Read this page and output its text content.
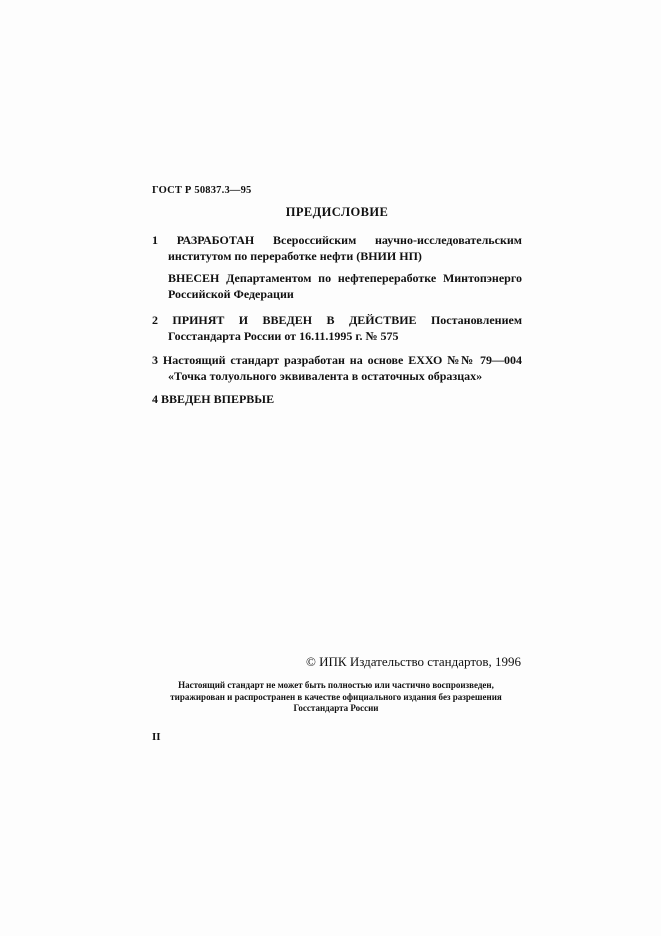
ГОСТ Р 50837.3—95
ПРЕДИСЛОВИЕ

1 РАЗРАБОТАН Всероссийским научно-исследовательским институтом по переработке нефти (ВНИИ НП)

ВНЕСЕН Департаментом по нефтепереработке Минтопэнерго Российской Федерации

2 ПРИНЯТ И ВВЕДЕН В ДЕЙСТВИЕ Постановлением Госстандарта России от 16.11.1995 г. № 575

3 Настоящий стандарт разработан на основе ЕХХО №№ 79—004 «Точка толуольного эквивалента в остаточных образцах»

4 ВВЕДЕН ВПЕРВЫЕ

© ИПК Издательство стандартов, 1996
Настоящий стандарт не может быть полностью или частично воспроизведен, тиражирован и распространен в качестве официального издания без разрешения Госстандарта России
II
